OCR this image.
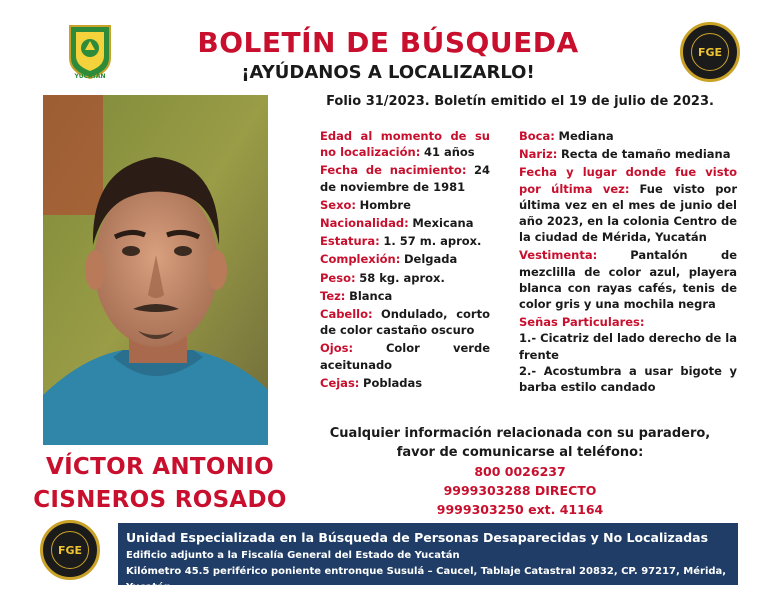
YUCATÁN
BOLETÍN DE BÚSQUEDA
¡AYÚDANOS A LOCALIZARLO!
FGE
Folio 31/2023. Boletín emitido el 19 de julio de 2023.
VÍCTOR ANTONIO
CISNEROS ROSADO

Edad al momento de su no localización: 41 años

Fecha de nacimiento: 24 de noviembre de 1981

Sexo: Hombre

Nacionalidad: Mexicana

Estatura: 1. 57 m. aprox.

Complexión: Delgada

Peso: 58 kg. aprox.

Tez: Blanca

Cabello: Ondulado, corto de color castaño oscuro

Ojos:	Color verde aceitunado

Cejas: Pobladas

Boca: Mediana

Nariz: Recta de tamaño mediana

Fecha y lugar donde fue visto por última vez: Fue visto por última vez en el mes de junio del año 2023, en la colonia Centro de la ciudad de Mérida, Yucatán

Vestimenta:	Pantalón de mezclilla de color azul, playera blanca con rayas cafés, tenis de color gris y una mochila negra

Señas Particulares:

1.- Cicatriz del lado derecho de la frente

2.- Acostumbra a usar bigote y barba estilo candado

Cualquier información relacionada con su paradero,
favor de comunicarse al teléfono:
800 0026237
9999303288 DIRECTO
9999303250 ext. 41164
FGE
Unidad Especializada en la Búsqueda de Personas Desaparecidas y No Localizadas
Edificio adjunto a la Fiscalía General del Estado de Yucatán
Kilómetro 45.5 periférico poniente entronque Susulá – Caucel, Tablaje Catastral 20832, CP. 97217, Mérida, Yucatán.
